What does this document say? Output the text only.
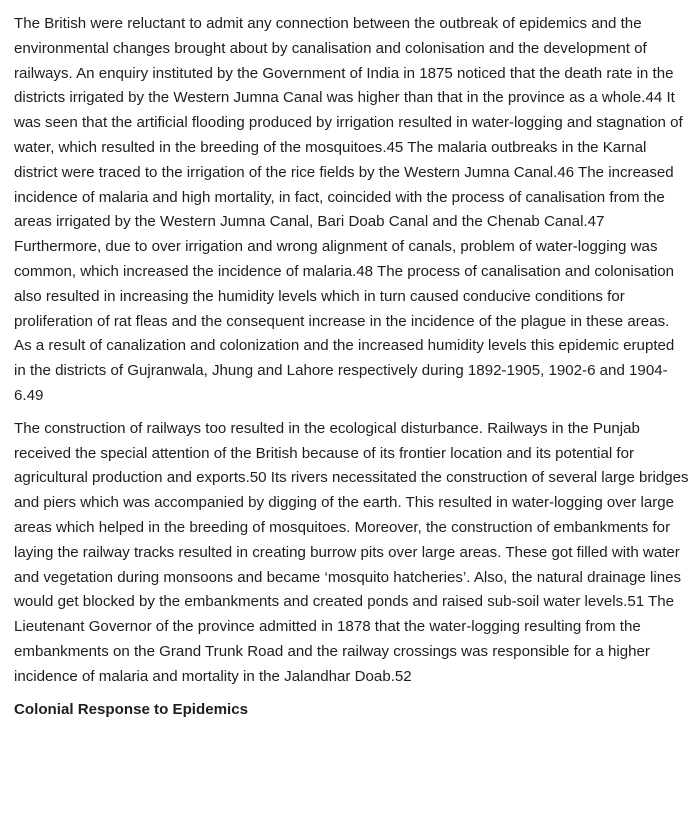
The British were reluctant to admit any connection between the outbreak of epidemics and the environmental changes brought about by canalisation and colonisation and the development of railways. An enquiry instituted by the Government of India in 1875 noticed that the death rate in the districts irrigated by the Western Jumna Canal was higher than that in the province as a whole.44 It was seen that the artificial flooding produced by irrigation resulted in water-logging and stagnation of water, which resulted in the breeding of the mosquitoes.45 The malaria outbreaks in the Karnal district were traced to the irrigation of the rice fields by the Western Jumna Canal.46 The increased incidence of malaria and high mortality, in fact, coincided with the process of canalisation from the areas irrigated by the Western Jumna Canal, Bari Doab Canal and the Chenab Canal.47 Furthermore, due to over irrigation and wrong alignment of canals, problem of water-logging was common, which increased the incidence of malaria.48 The process of canalisation and colonisation also resulted in increasing the humidity levels which in turn caused conducive conditions for proliferation of rat fleas and the consequent increase in the incidence of the plague in these areas. As a result of canalization and colonization and the increased humidity levels this epidemic erupted in the districts of Gujranwala, Jhung and Lahore respectively during 1892-1905, 1902-6 and 1904-6.49

The construction of railways too resulted in the ecological disturbance. Railways in the Punjab received the special attention of the British because of its frontier location and its potential for agricultural production and exports.50 Its rivers necessitated the construction of several large bridges and piers which was accompanied by digging of the earth. This resulted in water-logging over large areas which helped in the breeding of mosquitoes. Moreover, the construction of embankments for laying the railway tracks resulted in creating burrow pits over large areas. These got filled with water and vegetation during monsoons and became ‘mosquito hatcheries’. Also, the natural drainage lines would get blocked by the embankments and created ponds and raised sub-soil water levels.51 The Lieutenant Governor of the province admitted in 1878 that the water-logging resulting from the embankments on the Grand Trunk Road and the railway crossings was responsible for a higher incidence of malaria and mortality in the Jalandhar Doab.52

Colonial Response to Epidemics
